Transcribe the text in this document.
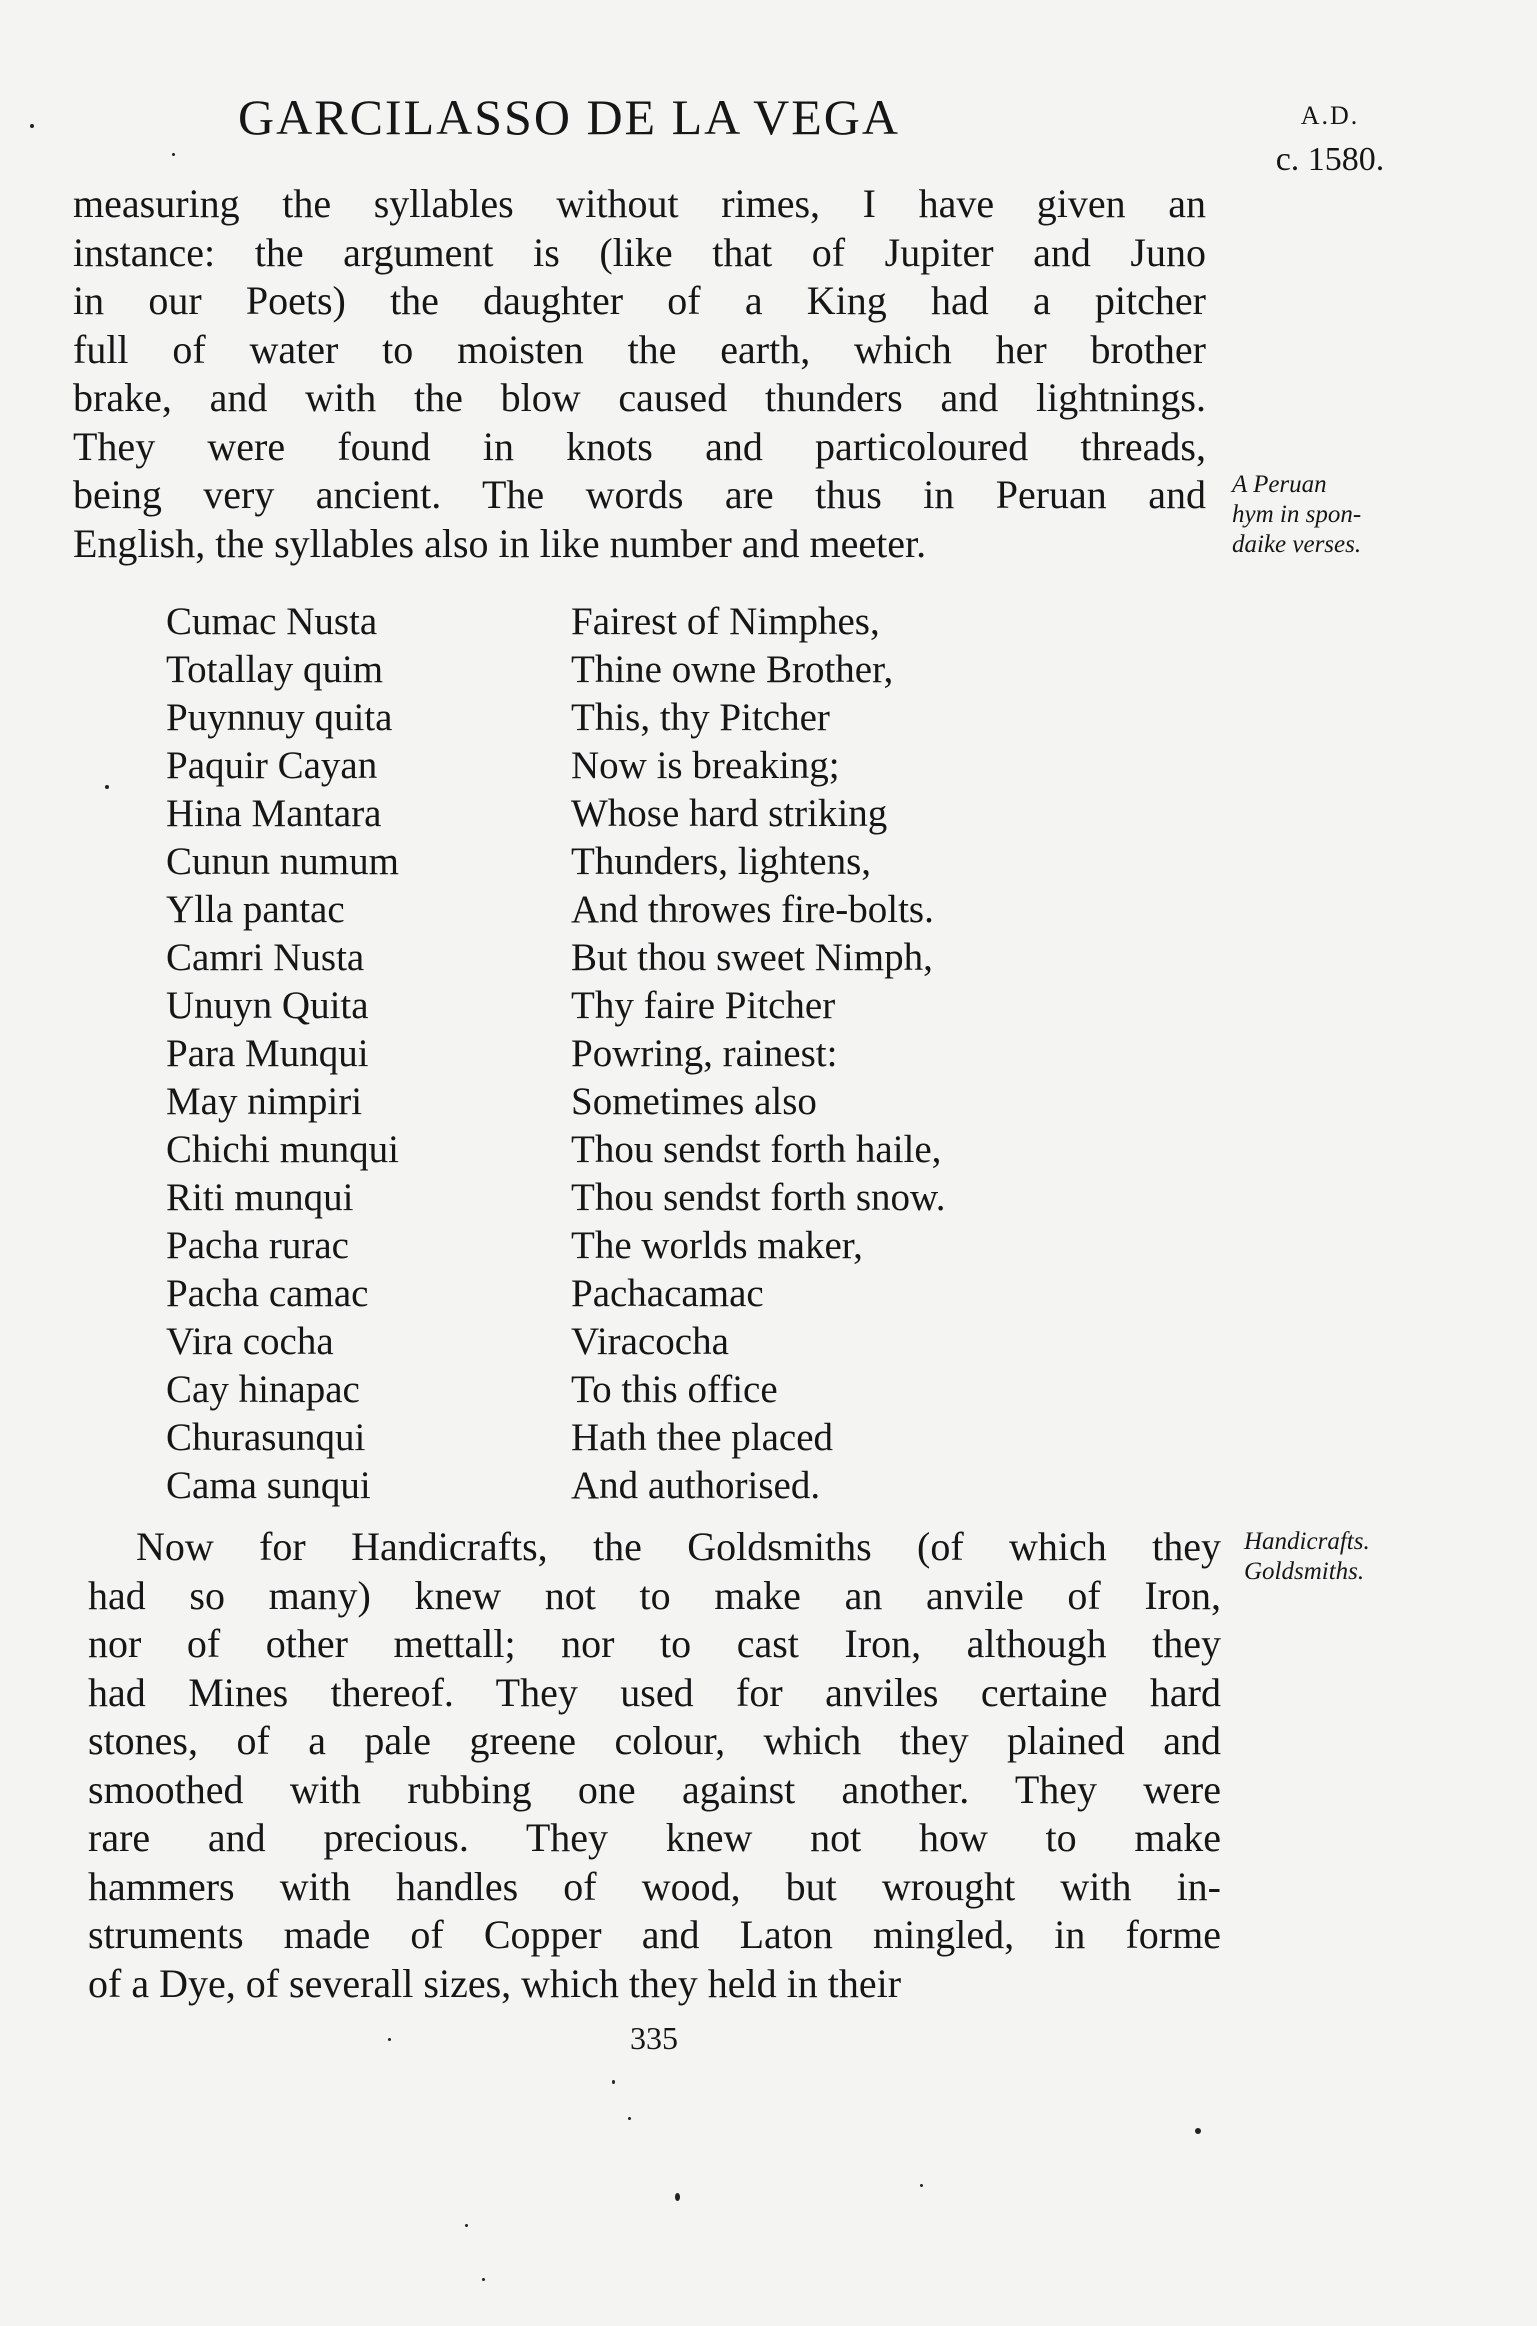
GARCILASSO DE LA VEGA	A.D.
c. 1580.
measuring the syllables without rimes, I have given an
instance: the argument is (like that of Jupiter and Juno
in our Poets) the daughter of a King had a pitcher
full of water to moisten the earth, which her brother
brake, and with the blow caused thunders and lightnings.
They were found in knots and particoloured threads,
being very ancient. The words are thus in Peruan and
English, the syllables also in like number and meeter.
A Peruan
hym in spon-
daike verses.
Cumac Nusta	Fairest of Nimphes,
Totallay quim	Thine owne Brother,
Puynnuy quita	This, thy Pitcher
Paquir Cayan	Now is breaking;
Hina Mantara	Whose hard striking
Cunun numum	Thunders, lightens,
Ylla pantac	And throwes fire-bolts.
Camri Nusta	But thou sweet Nimph,
Unuyn Quita	Thy faire Pitcher
Para Munqui	Powring, rainest:
May nimpiri	Sometimes also
Chichi munqui	Thou sendst forth haile,
Riti munqui	Thou sendst forth snow.
Pacha rurac	The worlds maker,
Pacha camac	Pachacamac
Vira cocha	Viracocha
Cay hinapac	To this office
Churasunqui	Hath thee placed
Cama sunqui	And authorised.
Now for Handicrafts, the Goldsmiths (of which they
had so many) knew not to make an anvile of Iron,
nor of other mettall; nor to cast Iron, although they
had Mines thereof. They used for anviles certaine hard
stones, of a pale greene colour, which they plained and
smoothed with rubbing one against another. They were
rare and precious. They knew not how to make
hammers with handles of wood, but wrought with in-
struments made of Copper and Laton mingled, in forme
of a Dye, of severall sizes, which they held in their
Handicrafts.
Goldsmiths.
335
